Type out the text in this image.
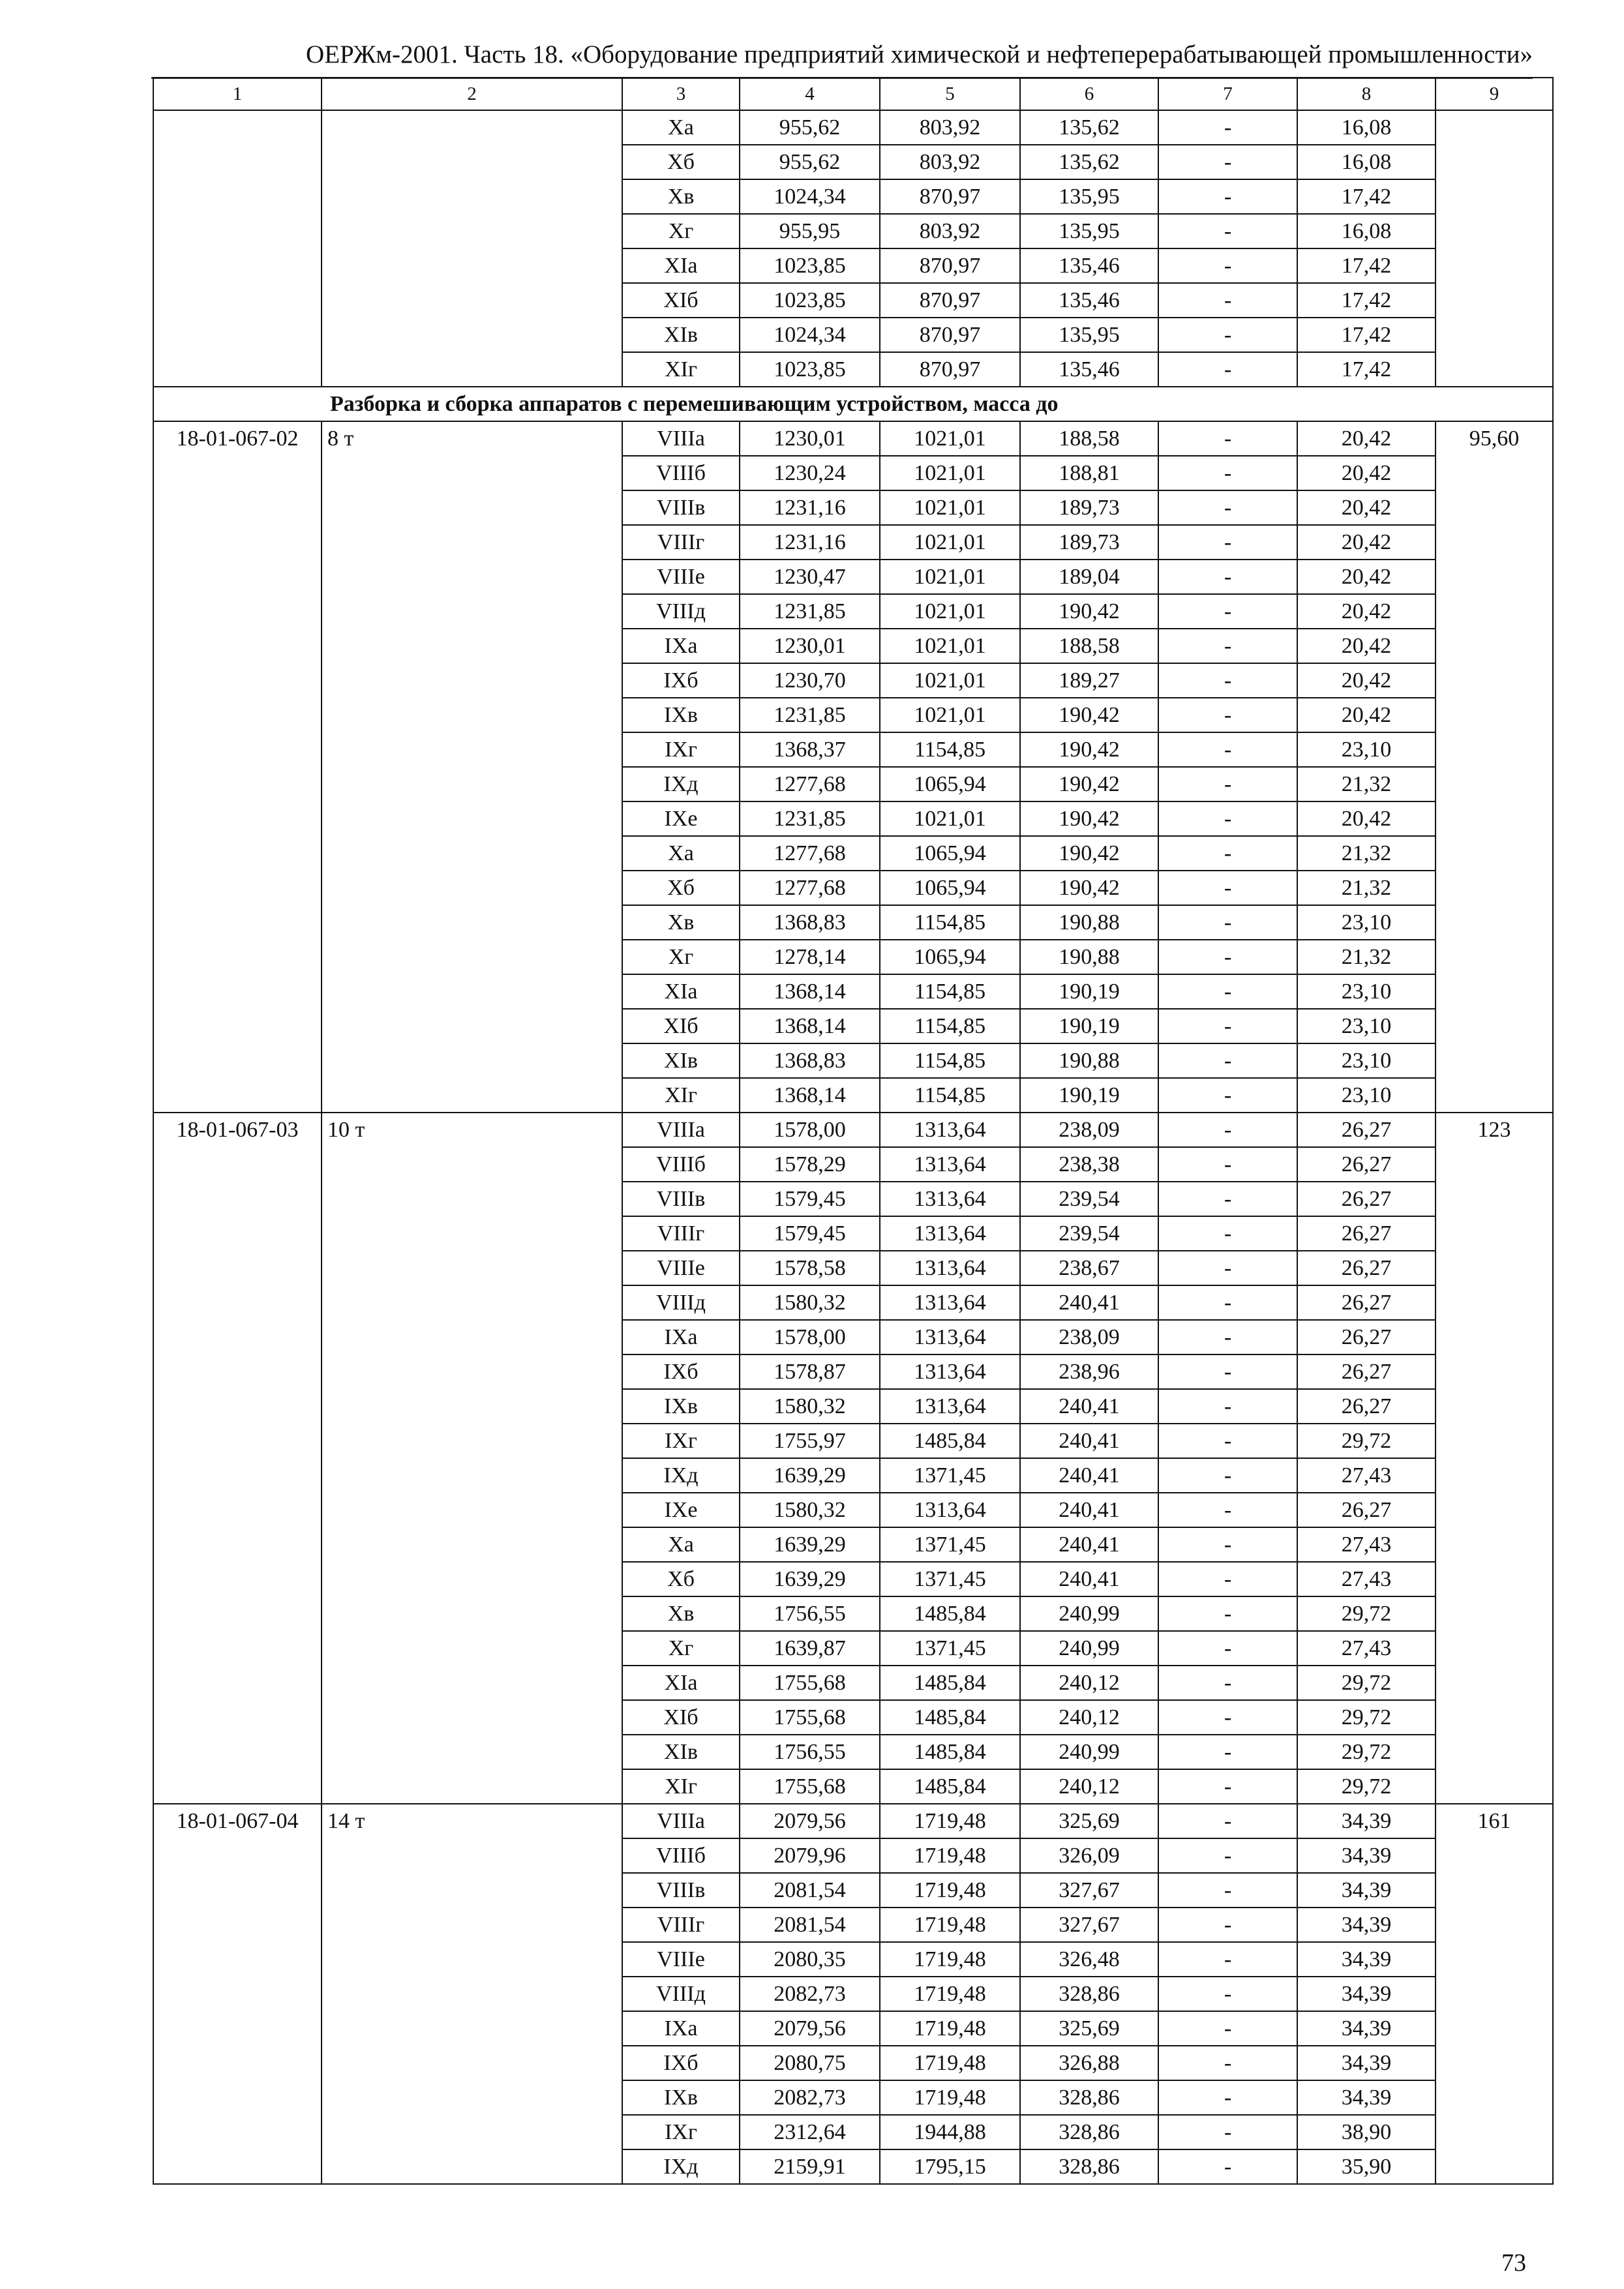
ОЕРЖм-2001. Часть 18. «Оборудование предприятий химической и нефтеперерабатывающей промышленности»
1	2	3	4	5	6	7	8	9
		Xa	955,62	803,92	135,62	-	16,08	
		Xб	955,62	803,92	135,62	-	16,08	
		Xв	1024,34	870,97	135,95	-	17,42	
		Xг	955,95	803,92	135,95	-	16,08	
		XIa	1023,85	870,97	135,46	-	17,42	
		XIб	1023,85	870,97	135,46	-	17,42	
		XIв	1024,34	870,97	135,95	-	17,42	
		XIг	1023,85	870,97	135,46	-	17,42	
Разборка и сборка аппаратов с перемешивающим устройством, масса до								
18-01-067-02	8 т	VIIIa	1230,01	1021,01	188,58	-	20,42	95,60
		VIIIб	1230,24	1021,01	188,81	-	20,42	
		VIIIв	1231,16	1021,01	189,73	-	20,42	
		VIIIг	1231,16	1021,01	189,73	-	20,42	
		VIIIe	1230,47	1021,01	189,04	-	20,42	
		VIIIд	1231,85	1021,01	190,42	-	20,42	
		IXa	1230,01	1021,01	188,58	-	20,42	
		IXб	1230,70	1021,01	189,27	-	20,42	
		IXв	1231,85	1021,01	190,42	-	20,42	
		IXг	1368,37	1154,85	190,42	-	23,10	
		IXд	1277,68	1065,94	190,42	-	21,32	
		IXe	1231,85	1021,01	190,42	-	20,42	
		Xa	1277,68	1065,94	190,42	-	21,32	
		Xб	1277,68	1065,94	190,42	-	21,32	
		Xв	1368,83	1154,85	190,88	-	23,10	
		Xг	1278,14	1065,94	190,88	-	21,32	
		XIa	1368,14	1154,85	190,19	-	23,10	
		XIб	1368,14	1154,85	190,19	-	23,10	
		XIв	1368,83	1154,85	190,88	-	23,10	
		XIг	1368,14	1154,85	190,19	-	23,10	
18-01-067-03	10 т	VIIIa	1578,00	1313,64	238,09	-	26,27	123
		VIIIб	1578,29	1313,64	238,38	-	26,27	
		VIIIв	1579,45	1313,64	239,54	-	26,27	
		VIIIг	1579,45	1313,64	239,54	-	26,27	
		VIIIe	1578,58	1313,64	238,67	-	26,27	
		VIIIд	1580,32	1313,64	240,41	-	26,27	
		IXa	1578,00	1313,64	238,09	-	26,27	
		IXб	1578,87	1313,64	238,96	-	26,27	
		IXв	1580,32	1313,64	240,41	-	26,27	
		IXг	1755,97	1485,84	240,41	-	29,72	
		IXд	1639,29	1371,45	240,41	-	27,43	
		IXe	1580,32	1313,64	240,41	-	26,27	
		Xa	1639,29	1371,45	240,41	-	27,43	
		Xб	1639,29	1371,45	240,41	-	27,43	
		Xв	1756,55	1485,84	240,99	-	29,72	
		Xг	1639,87	1371,45	240,99	-	27,43	
		XIa	1755,68	1485,84	240,12	-	29,72	
		XIб	1755,68	1485,84	240,12	-	29,72	
		XIв	1756,55	1485,84	240,99	-	29,72	
		XIг	1755,68	1485,84	240,12	-	29,72	
18-01-067-04	14 т	VIIIa	2079,56	1719,48	325,69	-	34,39	161
		VIIIб	2079,96	1719,48	326,09	-	34,39	
		VIIIв	2081,54	1719,48	327,67	-	34,39	
		VIIIг	2081,54	1719,48	327,67	-	34,39	
		VIIIe	2080,35	1719,48	326,48	-	34,39	
		VIIIд	2082,73	1719,48	328,86	-	34,39	
		IXa	2079,56	1719,48	325,69	-	34,39	
		IXб	2080,75	1719,48	326,88	-	34,39	
		IXв	2082,73	1719,48	328,86	-	34,39	
		IXг	2312,64	1944,88	328,86	-	38,90	
		IXд	2159,91	1795,15	328,86	-	35,90	
73
